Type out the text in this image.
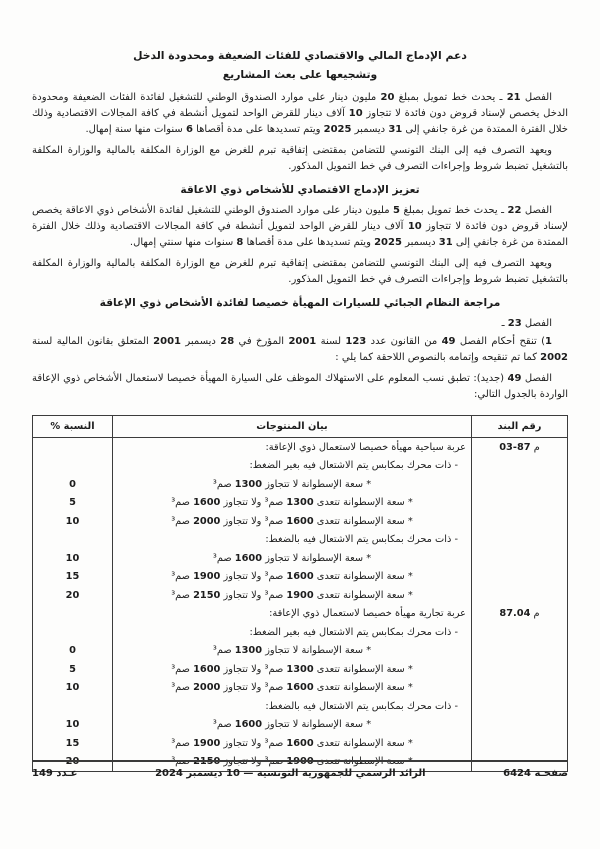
دعم الإدماج المالي والاقتصادي للفئات الضعيفة ومحدودة الدخل
وتشجيعها على بعث المشاريع

الفصل 21 ـ يحدث خط تمويل بمبلغ 20 مليون دينار على موارد الصندوق الوطني للتشغيل لفائدة الفئات الضعيفة ومحدودة الدخل يخصص لإسناد قروض دون فائدة لا تتجاوز 10 آلاف دينار للقرض الواحد لتمويل أنشطة في كافة المجالات الاقتصادية وذلك خلال الفترة الممتدة من غرة جانفي إلى 31 ديسمبر 2025 ويتم تسديدها على مدة أقصاها 6 سنوات منها سنة إمهال.

ويعهد التصرف فيه إلى البنك التونسي للتضامن بمقتضى إتفاقية تبرم للغرض مع الوزارة المكلفة بالمالية والوزارة المكلفة بالتشغيل تضبط شروط وإجراءات التصرف في خط التمويل المذكور.

تعزيز الإدماج الاقتصادي للأشخاص ذوي الاعاقة

الفصل 22 ـ يحدث خط تمويل بمبلغ 5 مليون دينار على موارد الصندوق الوطني للتشغيل لفائدة الأشخاص ذوي الاعاقة يخصص لإسناد قروض دون فائدة لا تتجاوز 10 آلاف دينار للقرض الواحد لتمويل أنشطة في كافة المجالات الاقتصادية وذلك خلال الفترة الممتدة من غرة جانفي إلى 31 ديسمبر 2025 ويتم تسديدها على مدة أقصاها 8 سنوات منها سنتي إمهال.

ويعهد التصرف فيه إلى البنك التونسي للتضامن بمقتضى إتفاقية تبرم للغرض مع الوزارة المكلفة بالمالية والوزارة المكلفة بالتشغيل تضبط شروط وإجراءات التصرف في خط التمويل المذكور.

مراجعة النظام الجبائي للسيارات المهيأة خصيصا لفائدة الأشخاص ذوي الإعاقة
الفصل 23 ـ

1) تنقح أحكام الفصل 49 من القانون عدد 123 لسنة 2001 المؤرخ في 28 ديسمبر 2001 المتعلق بقانون المالية لسنة 2002 كما تم تنقيحه وإتمامه بالنصوص اللاحقة كما يلي :

الفصل 49 (جديد): تطبق نسب المعلوم على الاستهلاك الموظف على السيارة المهيأة خصيصا لاستعمال الأشخاص ذوي الإعاقة الواردة بالجدول التالي:

رقم البند	بيان المنتوجات	النسبة %
م 87-03	عربة سياحية مهيأة خصيصا لاستعمال ذوي الإعاقة:	
	- ذات محرك بمكابس يتم الاشتعال فيه بغير الضغط:	
	* سعة الإسطوانة لا تتجاوز 1300 صم³	0
	* سعة الإسطوانة تتعدى 1300 صم³ ولا تتجاوز 1600 صم³	5
	* سعة الإسطوانة تتعدى 1600 صم³ ولا تتجاوز 2000 صم³	10
	- ذات محرك بمكابس يتم الاشتعال فيه بالضغط:	
	* سعة الإسطوانة لا تتجاوز 1600 صم³	10
	* سعة الإسطوانة تتعدى 1600 صم³ ولا تتجاوز 1900 صم³	15
	* سعة الإسطوانة تتعدى 1900 صم³ ولا تتجاوز 2150 صم³	20
م 87.04	عربة تجارية مهيأة خصيصا لاستعمال ذوي الإعاقة:	
	- ذات محرك بمكابس يتم الاشتعال فيه بغير الضغط:	
	* سعة الإسطوانة لا تتجاوز 1300 صم³	0
	* سعة الإسطوانة تتعدى 1300 صم³ ولا تتجاوز 1600 صم³	5
	* سعة الإسطوانة تتعدى 1600 صم³ ولا تتجاوز 2000 صم³	10
	- ذات محرك بمكابس يتم الاشتعال فيه بالضغط:	
	* سعة الإسطوانة لا تتجاوز 1600 صم³	10
	* سعة الإسطوانة تتعدى 1600 صم³ ولا تتجاوز 1900 صم³	15
	* سعة الإسطوانة تتعدى 1900 صم³ ولا تتجاوز 2150 صم³	20
صفحـة 6424
الرائد الرسمي للجمهورية التونسية — 10 ديسمبر 2024
عـدد 149
